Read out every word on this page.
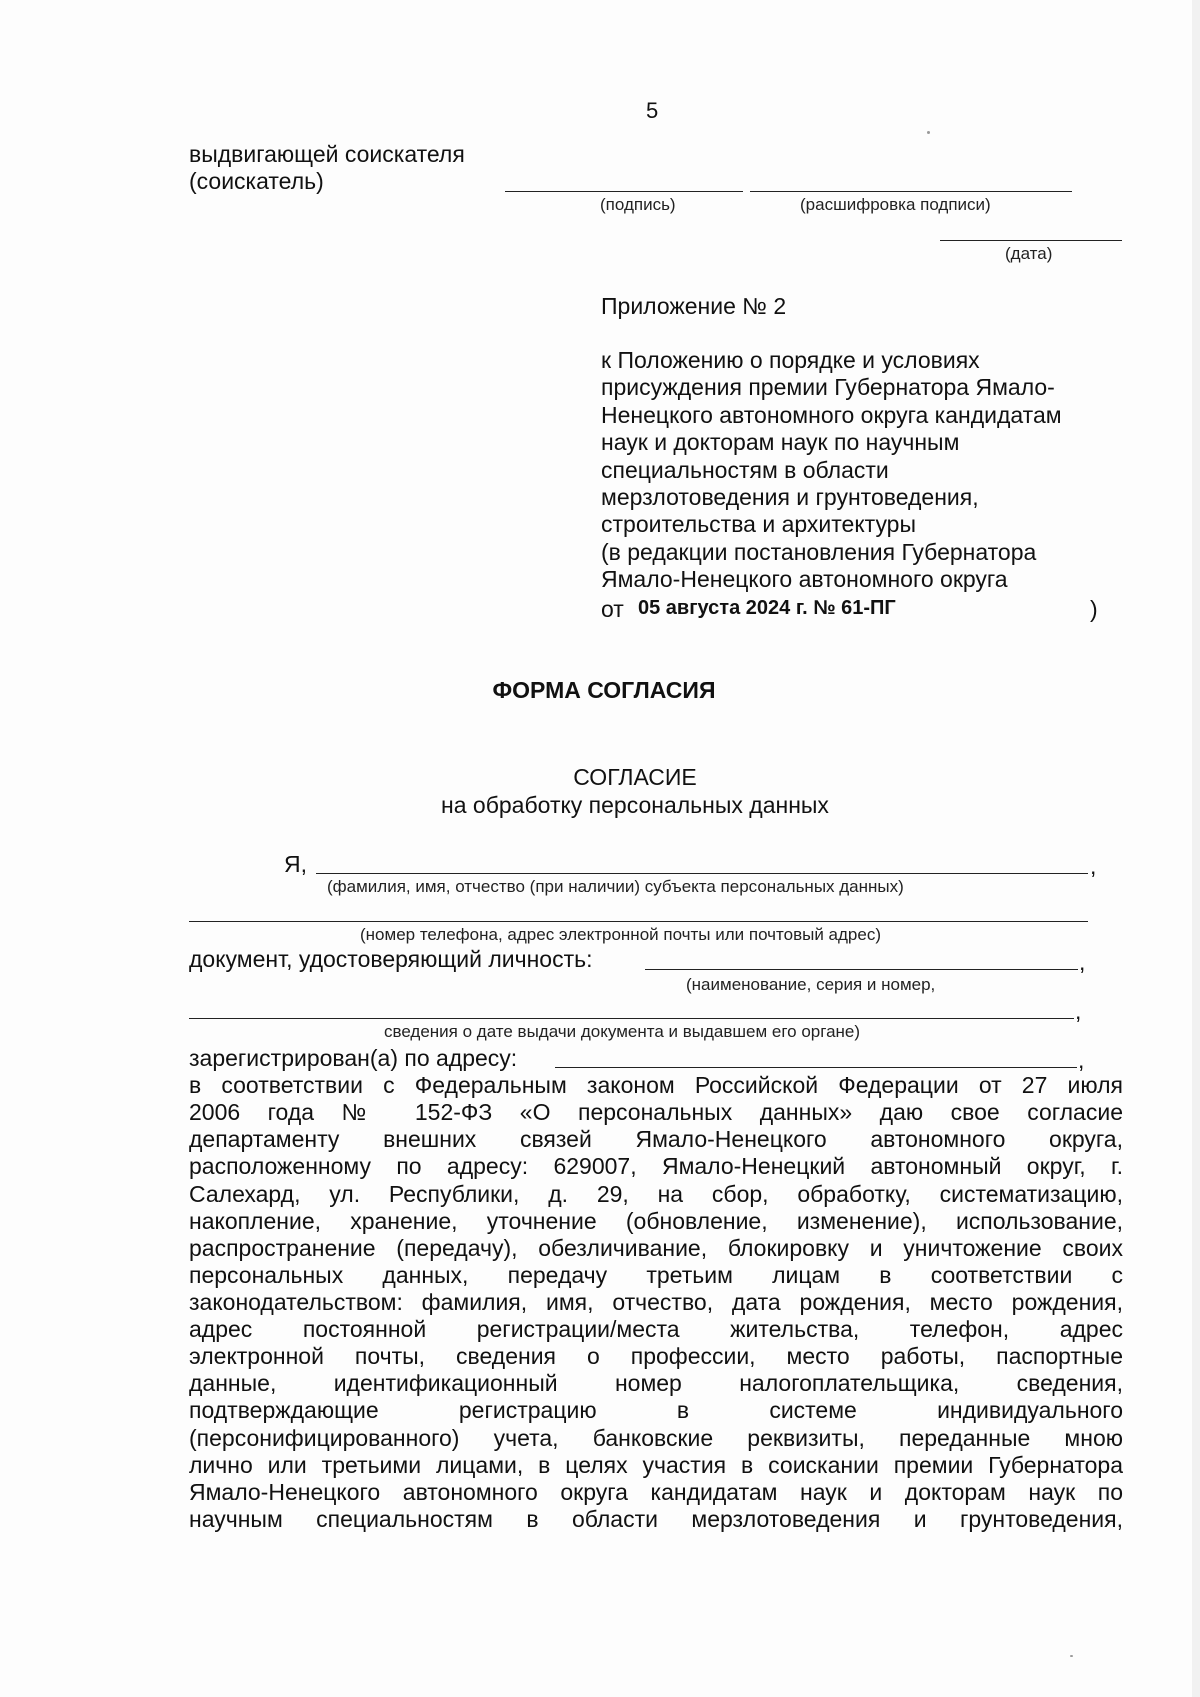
5
выдвигающей соискателя
(соискатель)
(подпись)	(расшифровка подписи)
(дата)
Приложение № 2
к Положению о порядке и условиях
присуждения премии Губернатора Ямало-
Ненецкого автономного округа кандидатам
наук и докторам наук по научным
специальностям в области
мерзлотоведения и грунтоведения,
строительства и архитектуры
(в редакции постановления Губернатора
Ямало-Ненецкого автономного округа
от 05 августа 2024 г. № 61-ПГ	)
ФОРМА СОГЛАСИЯ
СОГЛАСИЕ
на обработку персональных данных
Я,	,
(фамилия, имя, отчество (при наличии) субъекта персональных данных)
(номер телефона, адрес электронной почты или почтовый адрес)
документ, удостоверяющий личность:	,
(наименование, серия и номер,
,
сведения о дате выдачи документа и выдавшем его органе)
зарегистрирован(а) по адресу:	,
в соответствии с Федеральным законом Российской Федерации от 27 июля
2006 года № 152-ФЗ «О персональных данных» даю свое согласие
департаменту внешних связей Ямало-Ненецкого автономного округа,
расположенному по адресу: 629007, Ямало-Ненецкий автономный округ, г.
Салехард, ул. Республики, д. 29, на сбор, обработку, систематизацию,
накопление, хранение, уточнение (обновление, изменение), использование,
распространение (передачу), обезличивание, блокировку и уничтожение своих
персональных данных, передачу третьим лицам в соответствии с
законодательством: фамилия, имя, отчество, дата рождения, место рождения,
адрес постоянной регистрации/места жительства, телефон, адрес
электронной почты, сведения о профессии, место работы, паспортные
данные, идентификационный номер налогоплательщика, сведения,
подтверждающие регистрацию в системе индивидуального
(персонифицированного) учета, банковские реквизиты, переданные мною
лично или третьими лицами, в целях участия в соискании премии Губернатора
Ямало-Ненецкого автономного округа кандидатам наук и докторам наук по
научным специальностям в области мерзлотоведения и грунтоведения,
